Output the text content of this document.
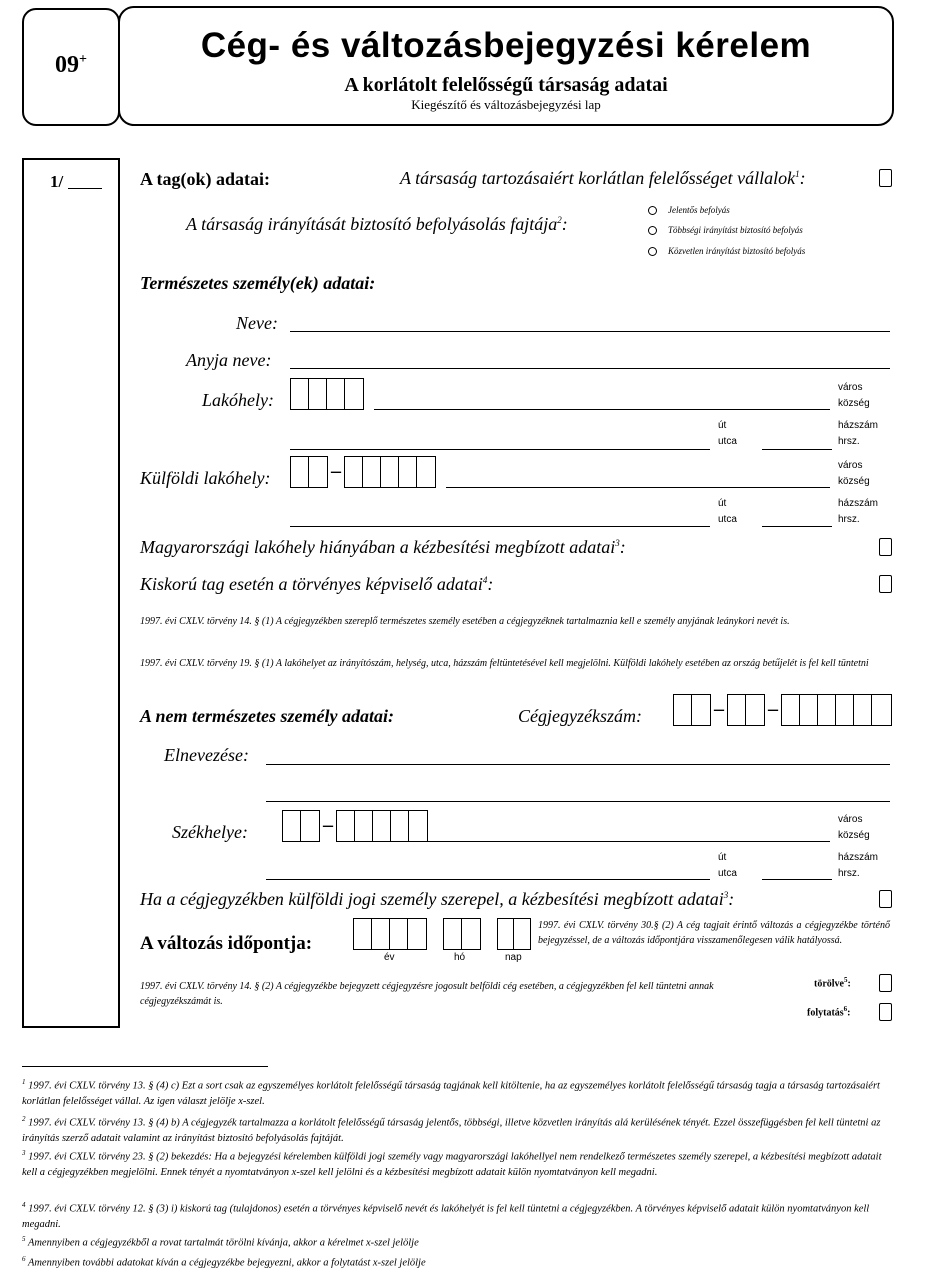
09+	Cég- és változásbejegyzési kérelem
A korlátolt felelősségű társaság adatai
Kiegészítő és változásbejegyzési lap
1/	A tag(ok) adatai:	A társaság tartozásaiért korlátlan felelősséget vállalok$^1$:
A társaság irányítását biztosító befolyásolás fajtája$^2$:
Jelentős befolyás
Többségi irányítást biztosító befolyás
Közvetlen irányítást biztosító befolyás
Természetes személy(ek) adatai:
Neve:
Anyja neve:
Lakóhely:
város
község
út
utca
házszám
hrsz.
Külföldi lakóhely:	–	város
község
út
utca
házszám
hrsz.
Magyarországi lakóhely hiányában a kézbesítési megbízott adatai$^3$:
Kiskorú tag esetén a törvényes képviselő adatai$^4$:
1997. évi CXLV. törvény 14. § (1) A cégjegyzékben szereplő természetes személy esetében a cégjegyzéknek tartalmaznia kell e személy anyjának leánykori nevét is.
1997. évi CXLV. törvény 19. § (1) A lakóhelyet az irányítószám, helység, utca, házszám feltüntetésével kell megjelölni. Külföldi lakóhely esetében az ország betűjelét is fel kell tüntetni
A nem természetes személy adatai:	Cégjegyzékszám:	– –
Elnevezése:
Székhelye:	–	város
község
út
utca
házszám
hrsz.
Ha a cégjegyzékben külföldi jogi személy szerepel, a kézbesítési megbízott adatai$^3$:
A változás időpontja:
év	hó	nap
1997. évi CXLV. törvény 30.§ (2) A cég tagjait érintő változás a cégjegyzékbe történő bejegyzéssel, de a változás időpontjára visszamenőlegesen válik hatályossá.
1997. évi CXLV. törvény 14. § (2) A cégjegyzékbe bejegyzett cégjegyzésre jogosult belföldi cég esetében, a cégjegyzékben fel kell tüntetni annak cégjegyzékszámát is.
törölve$^5$:
folytatás$^6$:
$^1$ 1997. évi CXLV. törvény 13. § (4) c) Ezt a sort csak az egyszemélyes korlátolt felelősségű társaság tagjának kell kitöltenie, ha az egyszemélyes korlátolt felelősségű társaság tagja a társaság tartozásaiért korlátlan felelősséget vállal. Az igen választ jelölje x-szel.
$^2$ 1997. évi CXLV. törvény 13. § (4) b) A cégjegyzék tartalmazza a korlátolt felelősségű társaság jelentős, többségi, illetve közvetlen irányítás alá kerülésének tényét. Ezzel összefüggésben fel kell tüntetni az irányítás szerző adatait valamint az irányítást biztosító befolyásolás fajtáját.
$^3$ 1997. évi CXLV. törvény 23. § (2) bekezdés: Ha a bejegyzési kérelemben külföldi jogi személy vagy magyarországi lakóhellyel nem rendelkező természetes személy szerepel, a kézbesítési megbízott adatait kell a cégjegyzékben megjelölni. Ennek tényét a nyomtatványon x-szel kell jelölni és a kézbesítési megbízott adatait külön nyomtatványon kell megadni.
$^4$ 1997. évi CXLV. törvény 12. § (3) i) kiskorú tag (tulajdonos) esetén a törvényes képviselő nevét és lakóhelyét is fel kell tüntetni a cégjegyzékben. A törvényes képviselő adatait külön nyomtatványon kell megadni.
$^5$ Amennyiben a cégjegyzékből a rovat tartalmát törölni kívánja, akkor a kérelmet x-szel jelölje
$^6$ Amennyiben további adatokat kíván a cégjegyzékbe bejegyezni, akkor a folytatást x-szel jelölje
